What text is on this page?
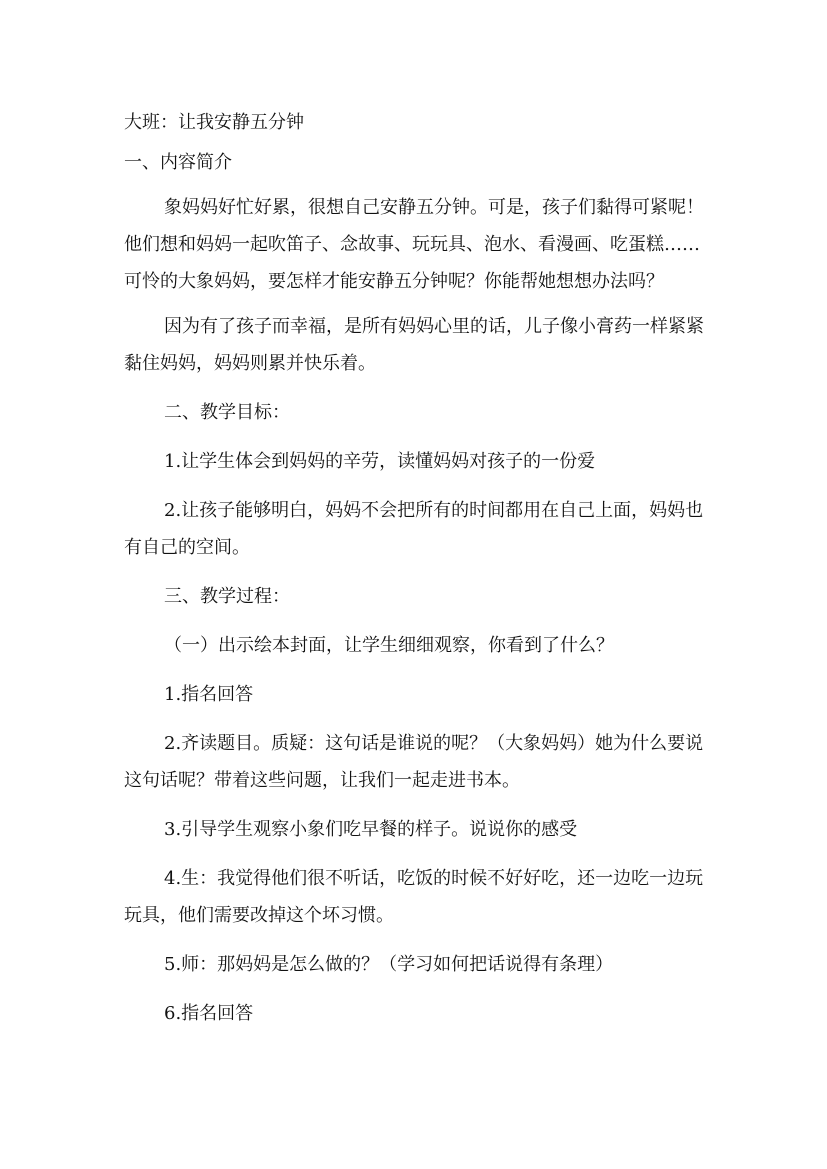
大班：让我安静五分钟

一、内容简介

象妈妈好忙好累，很想自己安静五分钟。可是，孩子们黏得可紧呢！他们想和妈妈一起吹笛子、念故事、玩玩具、泡水、看漫画、吃蛋糕……可怜的大象妈妈，要怎样才能安静五分钟呢？你能帮她想想办法吗？

因为有了孩子而幸福，是所有妈妈心里的话，儿子像小膏药一样紧紧黏住妈妈，妈妈则累并快乐着。

二、教学目标：

1.让学生体会到妈妈的辛劳，读懂妈妈对孩子的一份爱

2.让孩子能够明白，妈妈不会把所有的时间都用在自己上面，妈妈也有自己的空间。

三、教学过程：

（一）出示绘本封面，让学生细细观察，你看到了什么？

1.指名回答

2.齐读题目。质疑：这句话是谁说的呢？（大象妈妈）她为什么要说这句话呢？带着这些问题，让我们一起走进书本。

3.引导学生观察小象们吃早餐的样子。说说你的感受

4.生：我觉得他们很不听话，吃饭的时候不好好吃，还一边吃一边玩玩具，他们需要改掉这个坏习惯。

5.师：那妈妈是怎么做的？（学习如何把话说得有条理）

6.指名回答
